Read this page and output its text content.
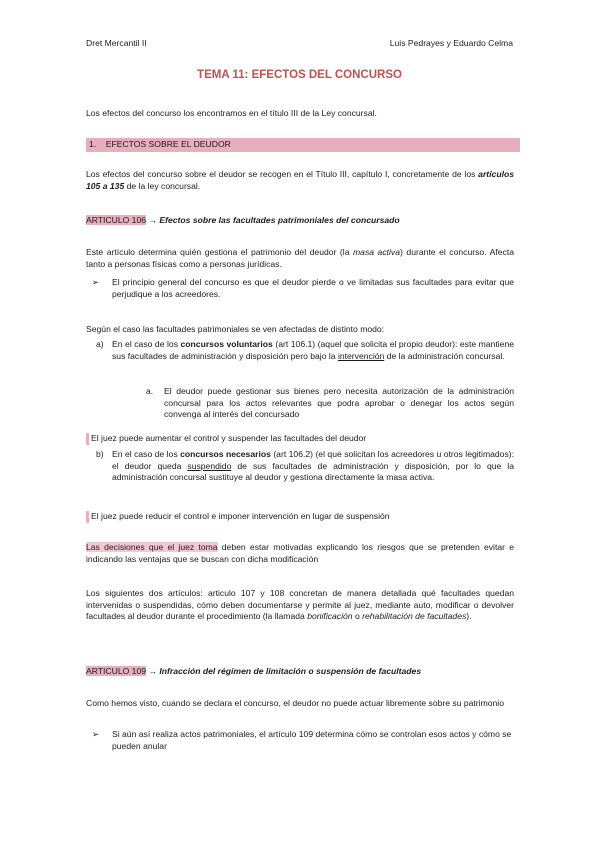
Dret Mercantil II	Luis Pedrayes y Eduardo Celma
TEMA 11: EFECTOS DEL CONCURSO
Los efectos del concurso los encontramos en el título III de la Ley concursal.
1. EFECTOS SOBRE EL DEUDOR
Los efectos del concurso sobre el deudor se recogen en el Título III, capítulo I, concretamente de los artículos 105 a 135 de la ley concursal.
ARTICULO 106 → Efectos sobre las facultades patrimoniales del concursado
Este artículo determina quién gestiona el patrimonio del deudor (la masa activa) durante el concurso. Afecta tanto a personas físicas como a personas jurídicas.
➢	El principio general del concurso es que el deudor pierde o ve limitadas sus facultades para evitar que perjudique a los acreedores.
Según el caso las facultades patrimoniales se ven afectadas de distinto modo:
a) En el caso de los concursos voluntarios (art 106.1) (aquel que solicita el propio deudor): este mantiene sus facultades de administración y disposición pero bajo la intervención de la administración concursal.
a.	El deudor puede gestionar sus bienes pero necesita autorización de la administración concursal para los actos relevantes que podra aprobar o denegar los actos según convenga al interés del concursado
El juez puede aumentar el control y suspender las facultades del deudor
b) En el caso de los concursos necesarios (art 106.2) (el que solicitan los acreedores u otros legitimados): el deudor queda suspendido de sus facultades de administración y disposición, por lo que la administración concursal sustituye al deudor y gestiona directamente la masa activa.
El juez puede reducir el control e imponer intervención en lugar de suspensión
Las decisiones que el juez toma deben estar motivadas explicando los riesgos que se pretenden evitar e indicando las ventajas que se buscan con dicha modificación
Los siguientes dos artículos: articulo 107 y 108 concretan de manera detallada qué facultades quedan intervenidas o suspendidas, cómo deben documentarse y permite al juez, mediante auto, modificar o devolver facultades al deudor durante el procedimiento (la llamada bonificación o rehabilitación de facultades).
ARTICULO 109 → Infracción del régimen de limitación o suspensión de facultades
Como hemos visto, cuando se declara el concurso, el deudor no puede actuar libremente sobre su patrimonio
➢	Si aún así realiza actos patrimoniales, el artículo 109 determina cómo se controlan esos actos y cómo se pueden anular
